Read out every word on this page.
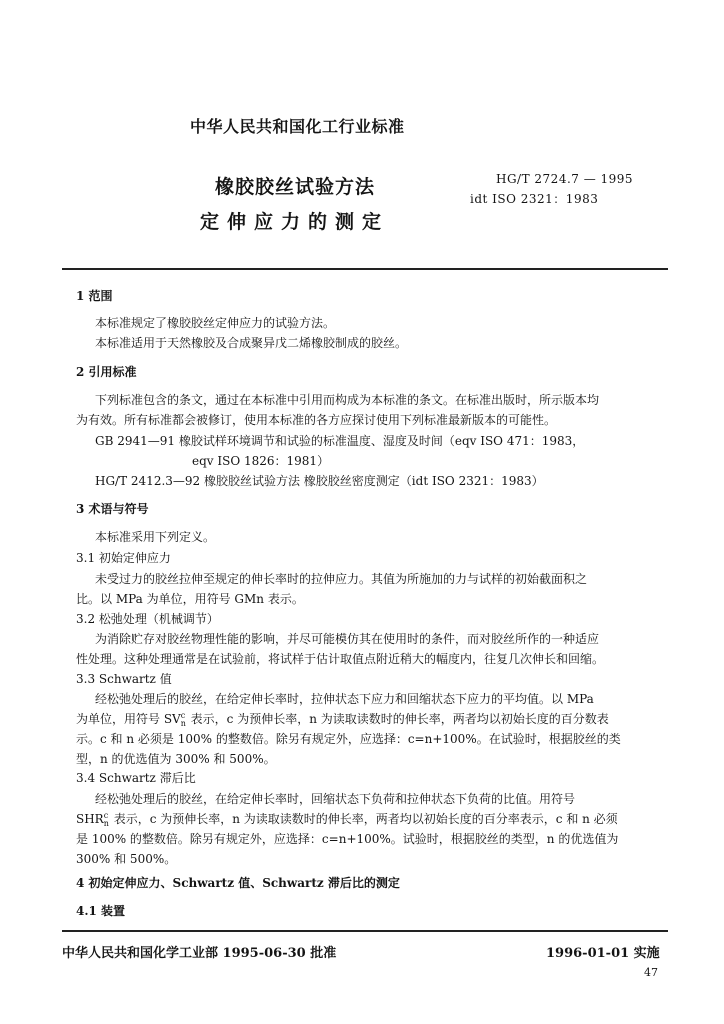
中华人民共和国化工行业标准
橡胶胶丝试验方法
定伸应力的测定
HG/T 2724.7 — 1995
idt ISO 2321：1983
1 范围
本标准规定了橡胶胶丝定伸应力的试验方法。
本标准适用于天然橡胶及合成聚异戊二烯橡胶制成的胶丝。
2 引用标准
下列标准包含的条文，通过在本标准中引用而构成为本标准的条文。在标准出版时，所示版本均
为有效。所有标准都会被修订，使用本标准的各方应探讨使用下列标准最新版本的可能性。
GB 2941—91 橡胶试样环境调节和试验的标准温度、湿度及时间（eqv ISO 471：1983，
eqv ISO 1826：1981）
HG/T 2412.3—92 橡胶胶丝试验方法 橡胶胶丝密度测定（idt ISO 2321：1983）
3 术语与符号
本标准采用下列定义。
3.1 初始定伸应力
未受过力的胶丝拉伸至规定的伸长率时的拉伸应力。其值为所施加的力与试样的初始截面积之
比。以 MPa 为单位，用符号 GMn 表示。
3.2 松弛处理（机械调节）
为消除贮存对胶丝物理性能的影响，并尽可能模仿其在使用时的条件，而对胶丝所作的一种适应
性处理。这种处理通常是在试验前，将试样于估计取值点附近稍大的幅度内，往复几次伸长和回缩。
3.3 Schwartz 值
经松弛处理后的胶丝，在给定伸长率时，拉伸状态下应力和回缩状态下应力的平均值。以 MPa
为单位，用符号 SV c
n 表示，c 为预伸长率，n 为读取读数时的伸长率，两者均以初始长度的百分数表
示。c 和 n 必须是 100% 的整数倍。除另有规定外，应选择：c=n+100%。在试验时，根据胶丝的类
型，n 的优选值为 300% 和 500%。
3.4 Schwartz 滞后比
经松弛处理后的胶丝，在给定伸长率时，回缩状态下负荷和拉伸状态下负荷的比值。用符号
SHR c
n 表示，c 为预伸长率，n 为读取读数时的伸长率，两者均以初始长度的百分率表示，c 和 n 必须
是 100% 的整数倍。除另有规定外，应选择：c=n+100%。试验时，根据胶丝的类型，n 的优选值为
300% 和 500%。
4 初始定伸应力、Schwartz 值、Schwartz 滞后比的测定
4.1 装置
中华人民共和国化学工业部 1995-06-30 批准	1996-01-01 实施
47
